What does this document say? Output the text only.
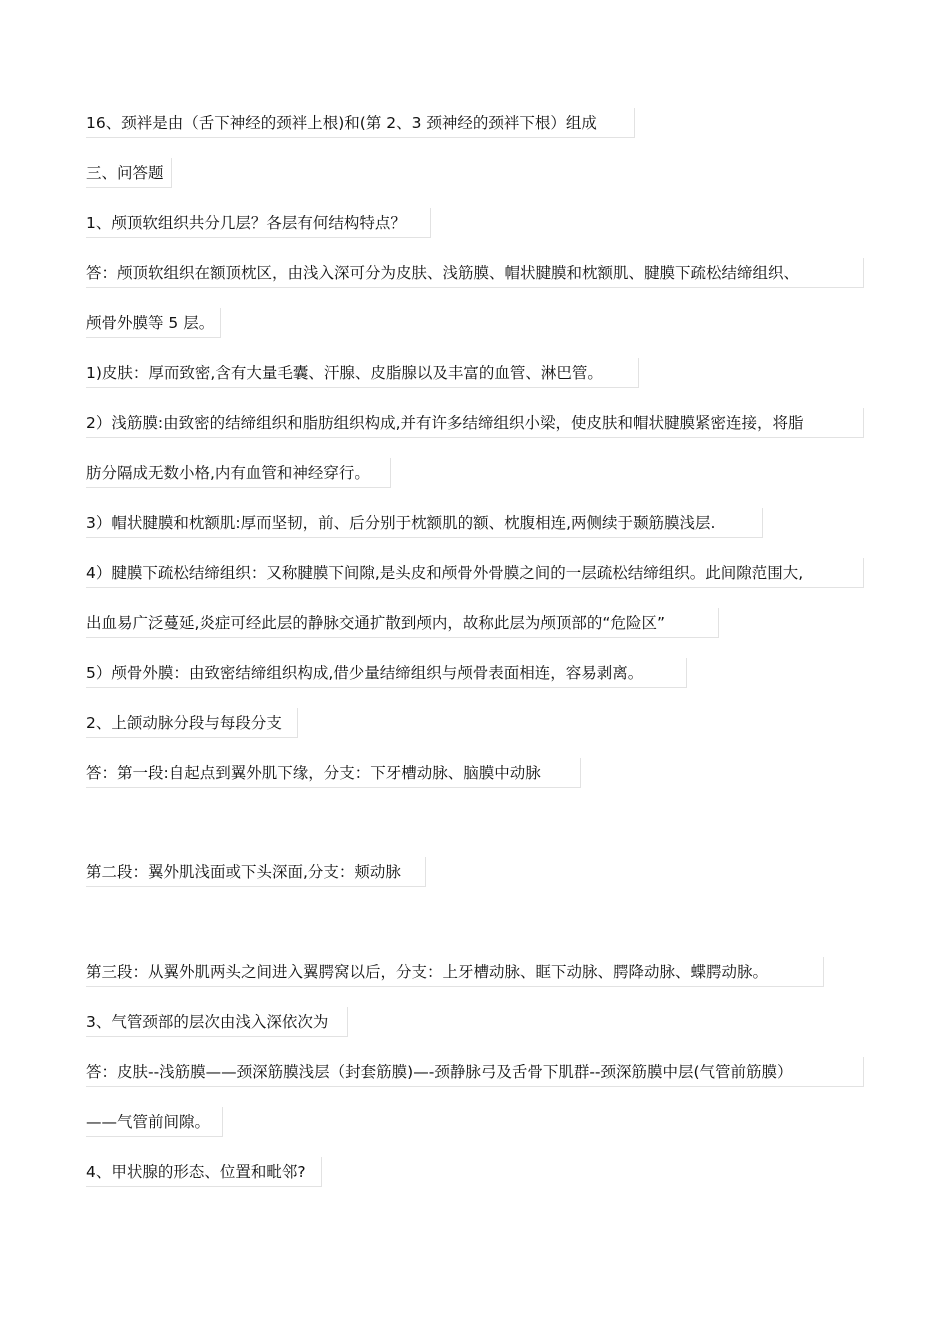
16、颈袢是由（舌下神经的颈袢上根)和(第 2、3 颈神经的颈袢下根）组成
三、问答题
1、颅顶软组织共分几层？各层有何结构特点？
答：颅顶软组织在额顶枕区，由浅入深可分为皮肤、浅筋膜、帽状腱膜和枕额肌、腱膜下疏松结缔组织、
颅骨外膜等 5 层。
1)皮肤：厚而致密,含有大量毛囊、汗腺、皮脂腺以及丰富的血管、淋巴管。
2）浅筋膜:由致密的结缔组织和脂肪组织构成,并有许多结缔组织小梁，使皮肤和帽状腱膜紧密连接，将脂
肪分隔成无数小格,内有血管和神经穿行。
3）帽状腱膜和枕额肌:厚而坚韧，前、后分别于枕额肌的额、枕腹相连,两侧续于颞筋膜浅层.
4）腱膜下疏松结缔组织：又称腱膜下间隙,是头皮和颅骨外骨膜之间的一层疏松结缔组织。此间隙范围大,
出血易广泛蔓延,炎症可经此层的静脉交通扩散到颅内，故称此层为颅顶部的“危险区”
5）颅骨外膜：由致密结缔组织构成,借少量结缔组织与颅骨表面相连，容易剥离。
2、上颌动脉分段与每段分支
答：第一段:自起点到翼外肌下缘，分支：下牙槽动脉、脑膜中动脉
第二段：翼外肌浅面或下头深面,分支：颊动脉
第三段：从翼外肌两头之间进入翼腭窝以后，分支：上牙槽动脉、眶下动脉、腭降动脉、蝶腭动脉。
3、气管颈部的层次由浅入深依次为
答：皮肤--浅筋膜——颈深筋膜浅层（封套筋膜)—-颈静脉弓及舌骨下肌群--颈深筋膜中层(气管前筋膜）
——气管前间隙。
4、甲状腺的形态、位置和毗邻?
